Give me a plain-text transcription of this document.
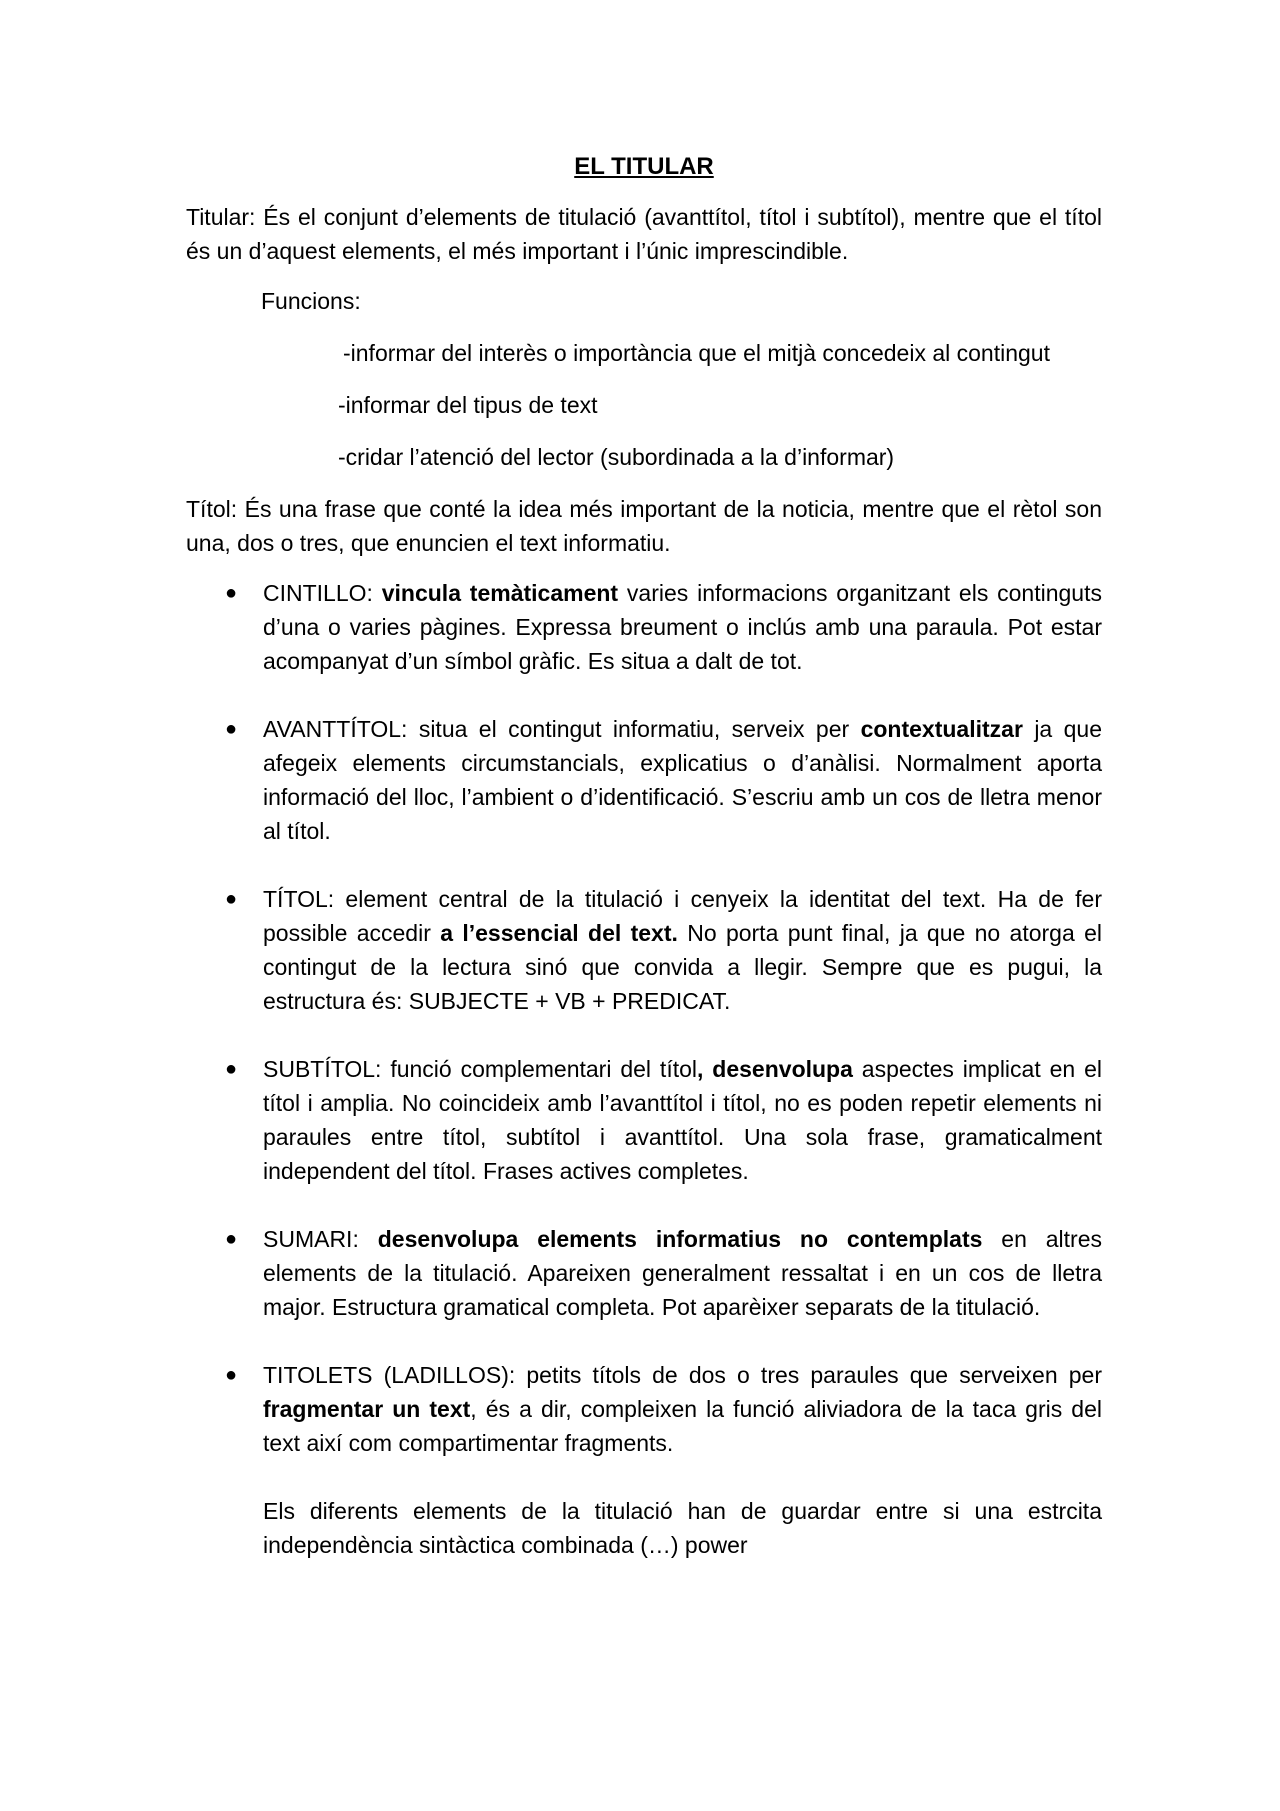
EL TITULAR

Titular: És el conjunt d’elements de titulació (avanttítol, títol i subtítol), mentre que el títol és un d’aquest elements, el més important i l’únic imprescindible.

Funcions:

-informar del interès o importància que el mitjà concedeix al contingut

-informar del tipus de text

-cridar l’atenció del lector (subordinada a la d’informar)

Títol: És una frase que conté la idea més important de la noticia, mentre que el rètol son una, dos o tres, que enuncien el text informatiu.

● CINTILLO: vincula temàticament varies informacions organitzant els continguts d’una o varies pàgines. Expressa breument o inclús amb una paraula. Pot estar acompanyat d’un símbol gràfic. Es situa a dalt de tot.
● AVANTTÍTOL: situa el contingut informatiu, serveix per contextualitzar ja que afegeix elements circumstancials, explicatius o d’anàlisi. Normalment aporta informació del lloc, l’ambient o d’identificació. S’escriu amb un cos de lletra menor al títol.
● TÍTOL: element central de la titulació i cenyeix la identitat del text. Ha de fer possible accedir a l’essencial del text. No porta punt final, ja que no atorga el contingut de la lectura sinó que convida a llegir. Sempre que es pugui, la estructura és: SUBJECTE + VB + PREDICAT.
● SUBTÍTOL: funció complementari del títol, desenvolupa aspectes implicat en el títol i amplia. No coincideix amb l’avanttítol i títol, no es poden repetir elements ni paraules entre títol, subtítol i avanttítol. Una sola frase, gramaticalment independent del títol. Frases actives completes.
● SUMARI: desenvolupa elements informatius no contemplats en altres elements de la titulació. Apareixen generalment ressaltat i en un cos de lletra major. Estructura gramatical completa. Pot aparèixer separats de la titulació.
● TITOLETS (LADILLOS): petits títols de dos o tres paraules que serveixen per fragmentar un text, és a dir, compleixen la funció aliviadora de la taca gris del text així com compartimentar fragments.

Els diferents elements de la titulació han de guardar entre si una estrcita independència sintàctica combinada (…) power
